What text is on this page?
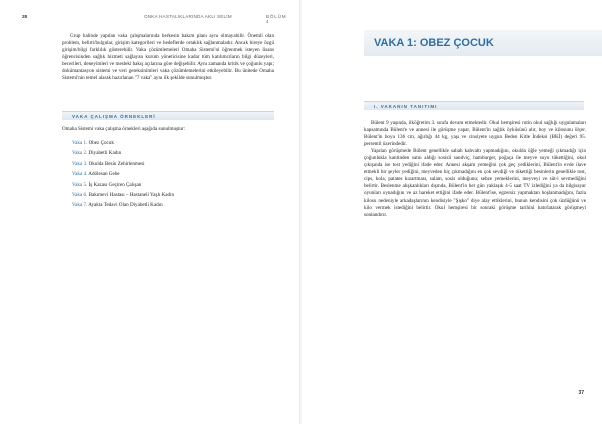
28	ONKA HASTALIKLARINDA AKLI SELİM	BÖLÜM 4

Grup halinde yapılan vaka çalışmalarında herkesin bakım planı aynı olmayabilir. Önemli olan problem, belirti/bulgular, girişim kategorileri ve hedeflerde ortaklık sağlanmaladır. Ancak bireye özgü girişim/bilgi farklılık gösterebilir. Vaka çözümlemeleri Omaha Sistemi'ni öğrenmek isteyen lisans öğrencisinden sağlık hizmeti sağlayan kurum yöneticisine kadar tüm katılımcıların bilgi düzeyleri, becerileri, deneyimleri ve mesleki bakış açılarına göre değişebilir. Aynı zamanda kritik ve çoğunlu yapı; dokümantasyon sistemi ve veri gereksinimleri vaka çözümlemelerini etkileyebilir. Bu ünitede Omaha Sistemi'nin temel alarak hazırlanan "7 vaka" aynı ilk şekilde sunulmuştur.

VAKA ÇALIŞMA ÖRNEKLERİ

Omaha Sistemi vaka çalışma örnekleri aşağıda sunulmuştur:

Vaka 1. Obez Çocuk
Vaka 2. Diyabetli Kadın
Vaka 3. Okulda Besin Zehirlenmesi
Vaka 4. Adölesan Gebe
Vaka 5. İş Kazası Geçiren Çalışan
Vaka 6. Bakımevi Hastası – Hastaneli Yaşlı Kadın
Vaka 7. Ayakta Tedavi Olan Diyabetli Kadın
VAKA 1: OBEZ ÇOCUK
I. VAKANIN TANITIMI

Bülent 9 yaşında, ilköğretim 3. sınıfa devam etmektedir. Okul hemşiresi rutin okul sağlığı uygulamaları kapsamında Bülent'e ve annesi ile görüşme yapar, Bülent'in sağlık öyküsünü alır, boy ve kilosunu ölçer. Bülent'in boyu 136 cm, ağırlığı 44 kg, yaşı ve cinsiyete uygun Beden Kitle İndeksi (BKİ) değeri 95. persentil üzerindedir.

Yapılan görüşmede Bülent genellikle sabah kahvaltı yapmadığını, okulda öğle yemeği çıkmadığı için çoğunlukla kantinden satın aldığı sosisli sandviç, hamburger, poğaça ile meyve suyu tükettiğini, okul çıkışında ise tost yediğini ifade eder. Annesi akşam yemeğini çok geç yediklerini, Bülent'in evde ilave etmekli bir şeyler yediğini, meyveden hiç çıkmadığını en çok sevdiği ve tükettiği besinlerin genellikle tost, cips, kola, patates kızartması, salam, sosis olduğunu; sebze yemeklerini, meyveyi ve süt-i sevmediğini belirtir. Beslenme alışkanlıkları dışında, Bülent'in her gün yaklaşık 4-5 saat TV izlediğini ya da bilgisayar oyunları oynadığını ve az hareket ettiğini ifade eder. Bülent'ise, egzersiz yapmaktan hoşlanmadığını, fazla kilosu nedeniyle arkadaşlarının kendisiyle "Şişko" diye alay ettiklerini, bunun kendisini çok üzdüğünü ve kilo vermek istediğini belirtir. Okul hemşiresi bir sonraki görüşme tarihini hatırlatarak görüşmeyi sonlandırır.

37
